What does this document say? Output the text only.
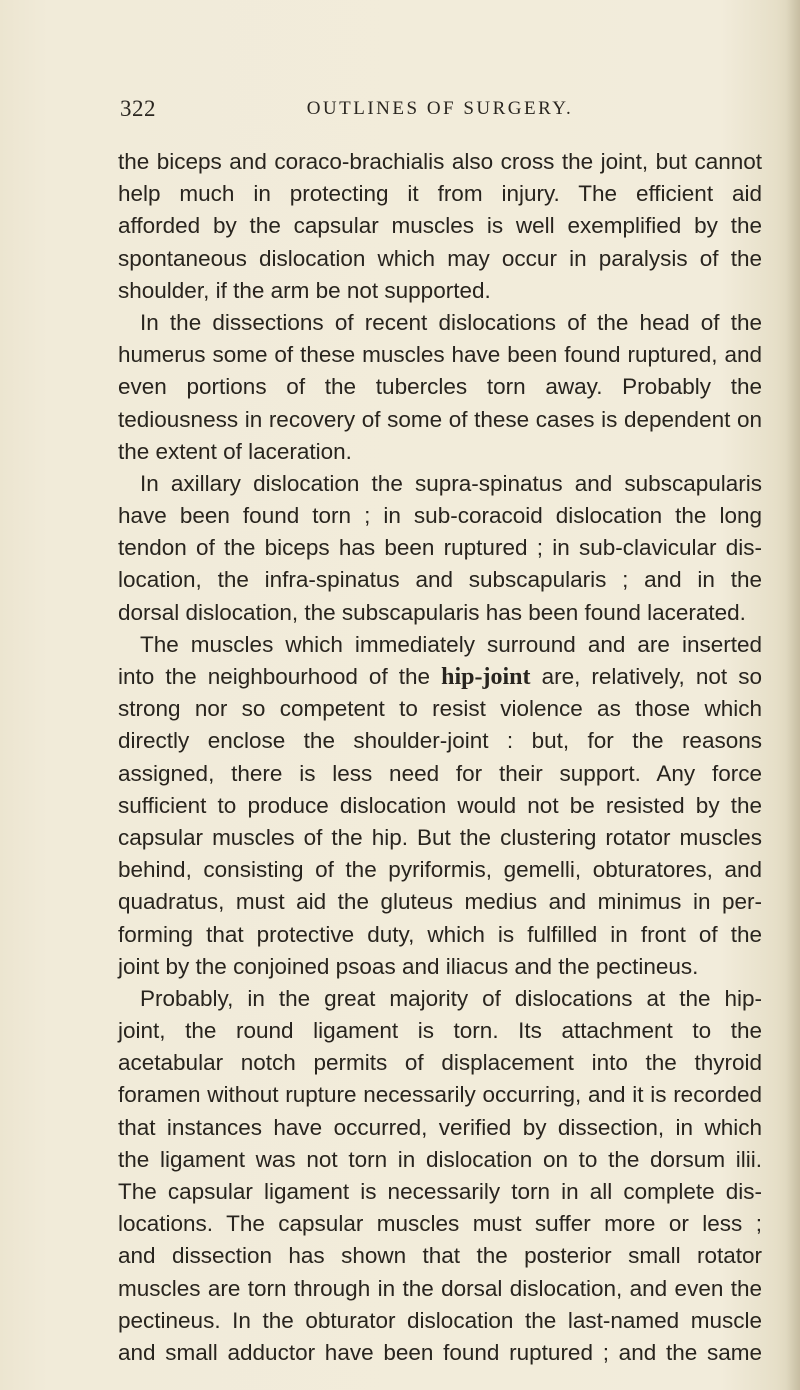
322	OUTLINES OF SURGERY.
the biceps and coraco-brachialis also cross the joint, but cannot
help much in protecting it from injury. The efficient aid
afforded by the capsular muscles is well exemplified by the
spontaneous dislocation which may occur in paralysis of the
shoulder, if the arm be not supported.
In the dissections of recent dislocations of the head of the
humerus some of these muscles have been found ruptured, and
even portions of the tubercles torn away. Probably the
tediousness in recovery of some of these cases is dependent on
the extent of laceration.
In axillary dislocation the supra-spinatus and subscapularis
have been found torn ; in sub-coracoid dislocation the long
tendon of the biceps has been ruptured ; in sub-clavicular dis-
location, the infra-spinatus and subscapularis ; and in the
dorsal dislocation, the subscapularis has been found lacerated.
The muscles which immediately surround and are inserted
into the neighbourhood of the hip-joint are, relatively, not so
strong nor so competent to resist violence as those which
directly enclose the shoulder-joint : but, for the reasons
assigned, there is less need for their support. Any force
sufficient to produce dislocation would not be resisted by the
capsular muscles of the hip. But the clustering rotator muscles
behind, consisting of the pyriformis, gemelli, obturatores, and
quadratus, must aid the gluteus medius and minimus in per-
forming that protective duty, which is fulfilled in front of the
joint by the conjoined psoas and iliacus and the pectineus.
Probably, in the great majority of dislocations at the hip-
joint, the round ligament is torn. Its attachment to the
acetabular notch permits of displacement into the thyroid
foramen without rupture necessarily occurring, and it is recorded
that instances have occurred, verified by dissection, in which
the ligament was not torn in dislocation on to the dorsum ilii.
The capsular ligament is necessarily torn in all complete dis-
locations. The capsular muscles must suffer more or less ;
and dissection has shown that the posterior small rotator
muscles are torn through in the dorsal dislocation, and even the
pectineus. In the obturator dislocation the last-named muscle
and small adductor have been found ruptured ; and the same
